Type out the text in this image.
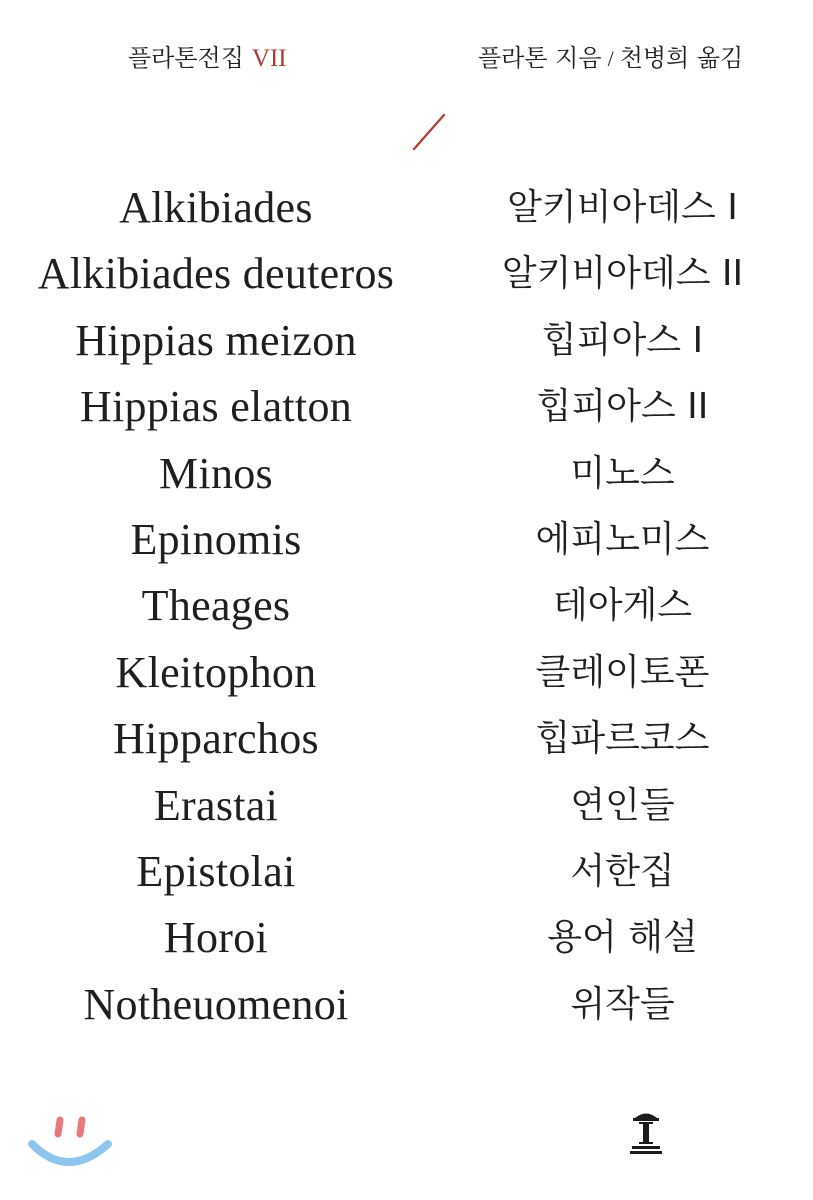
플라톤전집 VII	플라톤 지음 / 천병희 옮김
Alkibiades
Alkibiades deuteros
Hippias meizon
Hippias elatton
Minos
Epinomis
Theages
Kleitophon
Hipparchos
Erastai
Epistolai
Horoi
Notheuomenoi
알키비아데스 I
알키비아데스 II
힙피아스 I
힙피아스 II
미노스
에피노미스
테아게스
클레이토폰
힙파르코스
연인들
서한집
용어 해설
위작들
